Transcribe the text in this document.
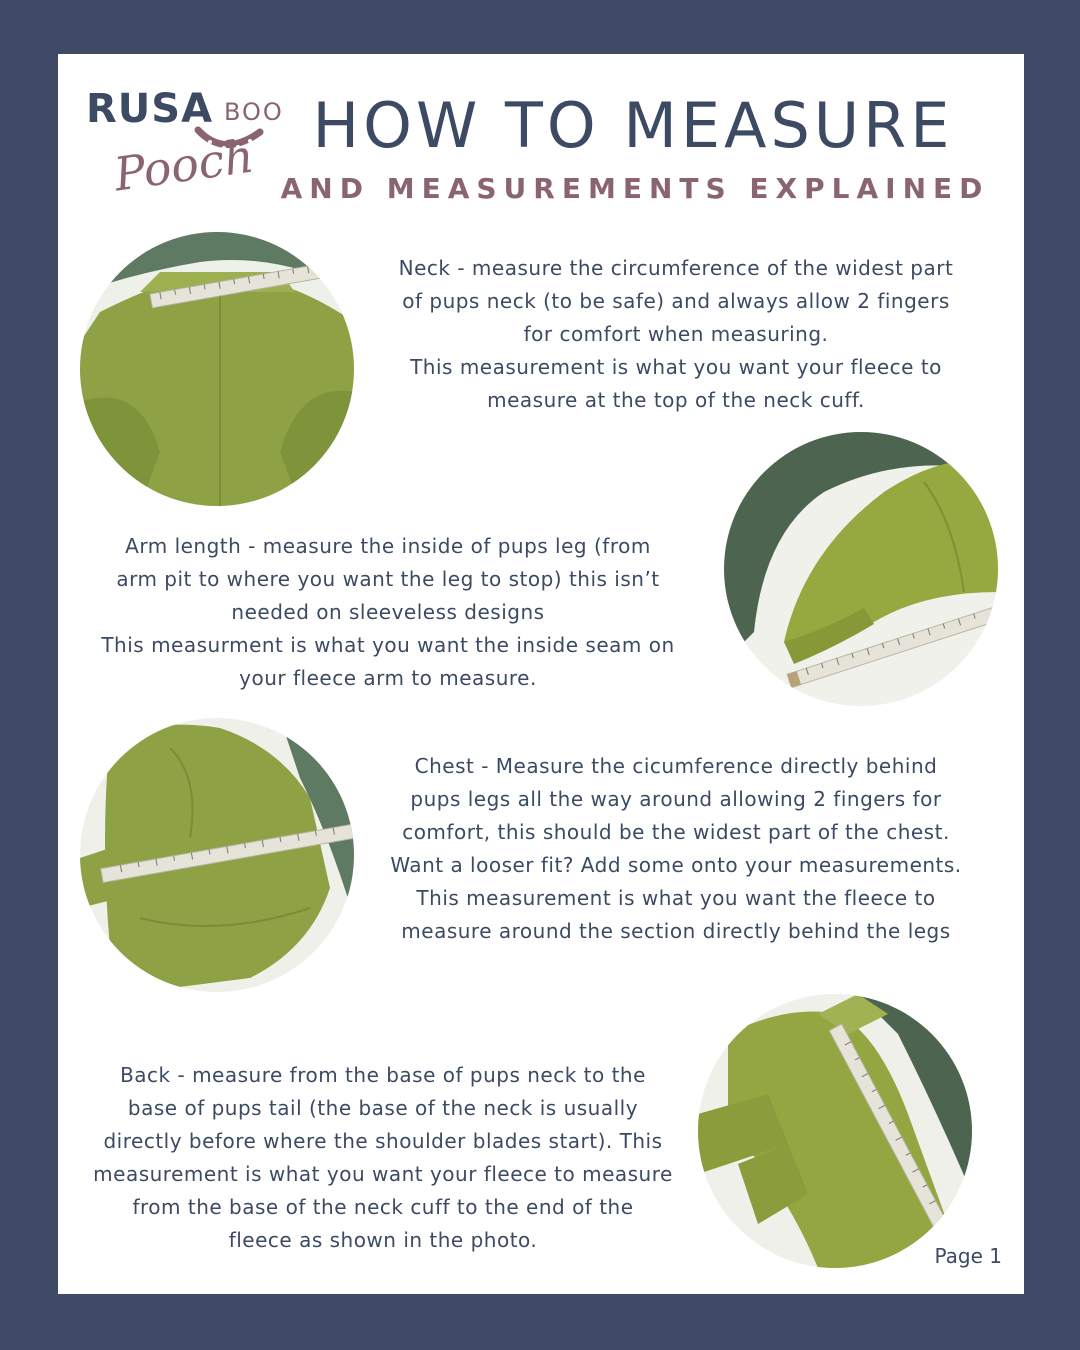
RUSA BOO
Pooch
HOW TO MEASURE
AND MEASUREMENTS EXPLAINED

Neck - measure the circumference of the widest part

of pups neck (to be safe) and always allow 2 fingers

for comfort when measuring.

This measurement is what you want your fleece to

measure at the top of the neck cuff.

Arm length - measure the inside of pups leg (from

arm pit to where you want the leg to stop) this isn’t

needed on sleeveless designs

This measurment is what you want the inside seam on

your fleece arm to measure.

Chest - Measure the cicumference directly behind

pups legs all the way around allowing 2 fingers for

comfort, this should be the widest part of the chest.

Want a looser fit? Add some onto your measurements.

This measurement is what you want the fleece to

measure around the section directly behind the legs

Back - measure from the base of pups neck to the

base of pups tail (the base of the neck is usually

directly before where the shoulder blades start). This

measurement is what you want your fleece to measure

from the base of the neck cuff to the end of the

fleece as shown in the photo.

Page 1
